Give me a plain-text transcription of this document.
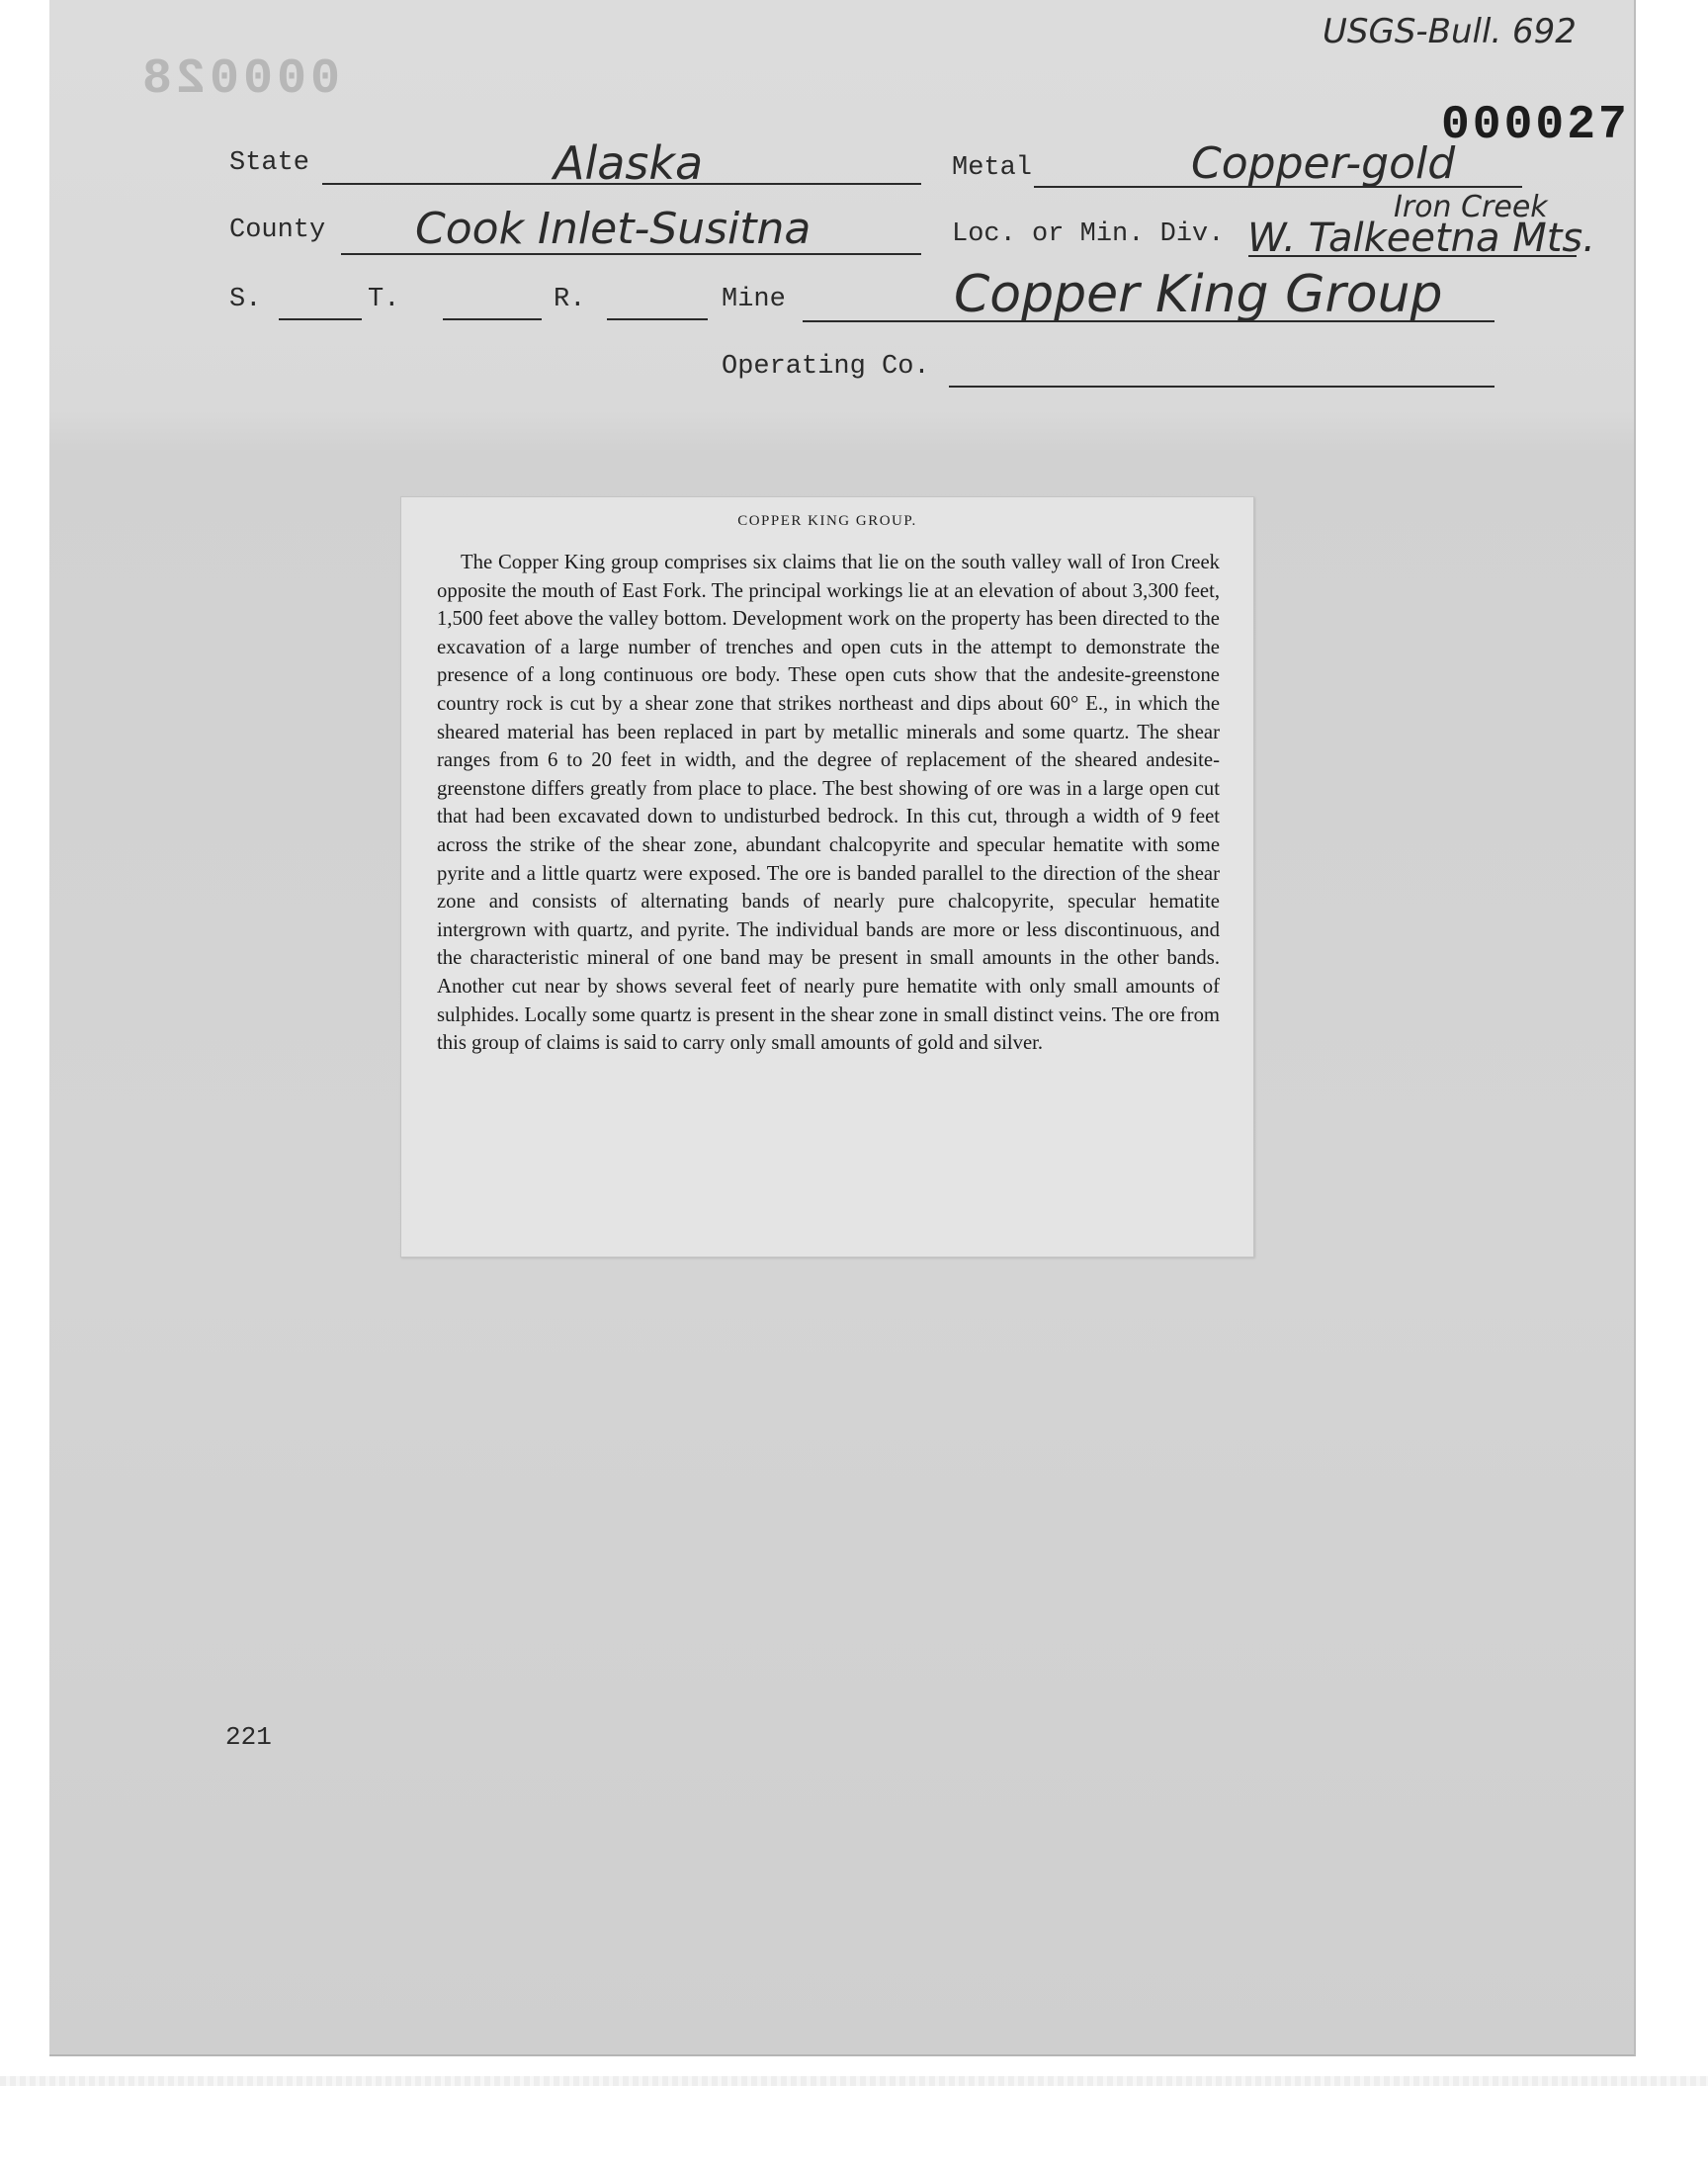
USGS-Bull. 692
000028
000027
State	Alaska	Metal	Copper-gold
County Cook Inlet-Susitna	Loc. or Min. Div.
Iron Creek
W. Talkeetna Mts.
S.	T.	R.	Mine	Copper King Group
Operating Co.
COPPER KING GROUP.

The Copper King group comprises six claims that lie on the south valley wall of Iron Creek opposite the mouth of East Fork. The principal workings lie at an elevation of about 3,300 feet, 1,500 feet above the valley bottom. Development work on the property has been directed to the excavation of a large number of trenches and open cuts in the attempt to demonstrate the presence of a long continuous ore body. These open cuts show that the andesite-greenstone country rock is cut by a shear zone that strikes northeast and dips about 60° E., in which the sheared material has been replaced in part by metallic minerals and some quartz. The shear ranges from 6 to 20 feet in width, and the degree of replacement of the sheared andesite-greenstone differs greatly from place to place. The best showing of ore was in a large open cut that had been excavated down to undisturbed bedrock. In this cut, through a width of 9 feet across the strike of the shear zone, abundant chalcopyrite and specular hematite with some pyrite and a little quartz were exposed. The ore is banded parallel to the direction of the shear zone and consists of alternating bands of nearly pure chalcopyrite, specular hematite intergrown with quartz, and pyrite. The individual bands are more or less discontinuous, and the characteristic mineral of one band may be present in small amounts in the other bands. Another cut near by shows several feet of nearly pure hematite with only small amounts of sulphides. Locally some quartz is present in the shear zone in small distinct veins. The ore from this group of claims is said to carry only small amounts of gold and silver.

221
